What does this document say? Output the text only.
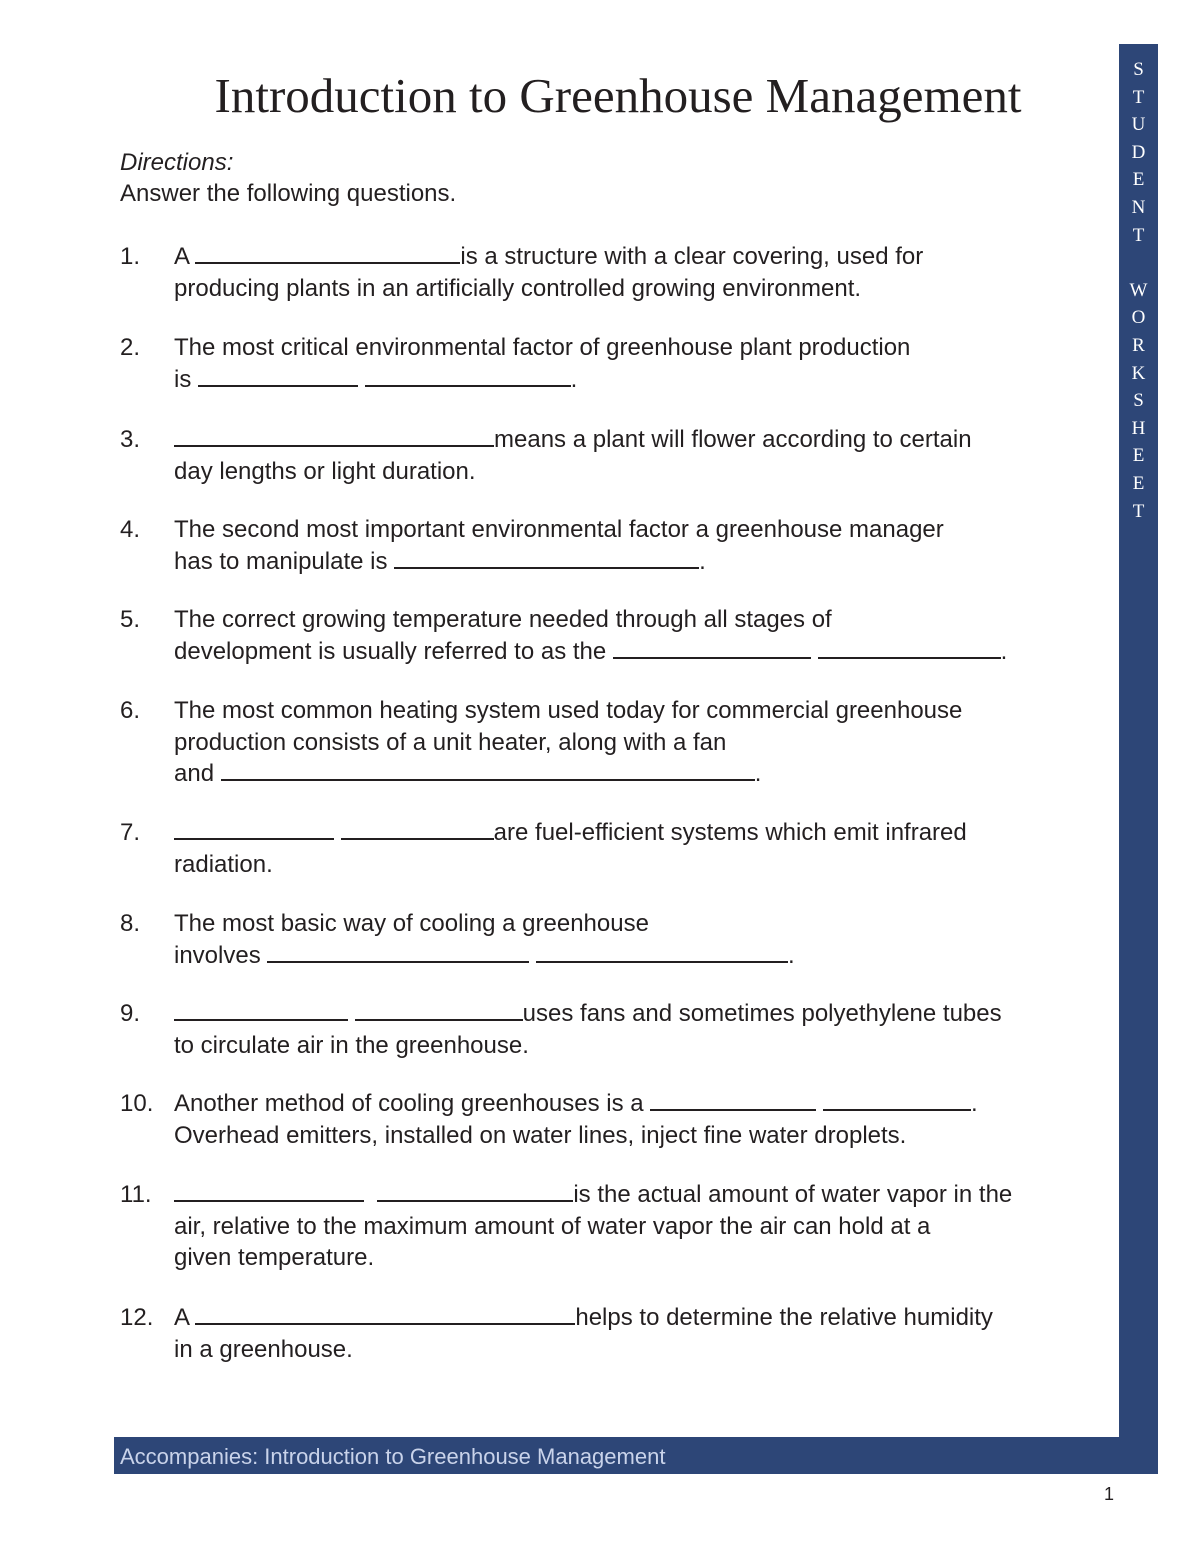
Introduction to Greenhouse Management
Directions:
Answer the following questions.
1. A	is a structure with a clear covering, used for
producing plants in an artificially controlled growing environment.
2. The most critical environmental factor of greenhouse plant production
is	.
3.	means a plant will flower according to certain
day lengths or light duration.
4. The second most important environmental factor a greenhouse manager
has to manipulate is	.
5. The correct growing temperature needed through all stages of
development is usually referred to as the	.
6. The most common heating system used today for commercial greenhouse
production consists of a unit heater, along with a fan
and	.
7.	are fuel-efficient systems which emit infrared
radiation.
8. The most basic way of cooling a greenhouse
involves	.
9.	uses fans and sometimes polyethylene tubes
to circulate air in the greenhouse.
10. Another method of cooling greenhouses is a	.
Overhead emitters, installed on water lines, inject fine water droplets.
11.	is the actual amount of water vapor in the
air, relative to the maximum amount of water vapor the air can hold at a
given temperature.
12. A	helps to determine the relative humidity
in a greenhouse.
S
T
U
D
E
N
T
W
O
R
K
S
H
E
E
T
Accompanies: Introduction to Greenhouse Management
1
